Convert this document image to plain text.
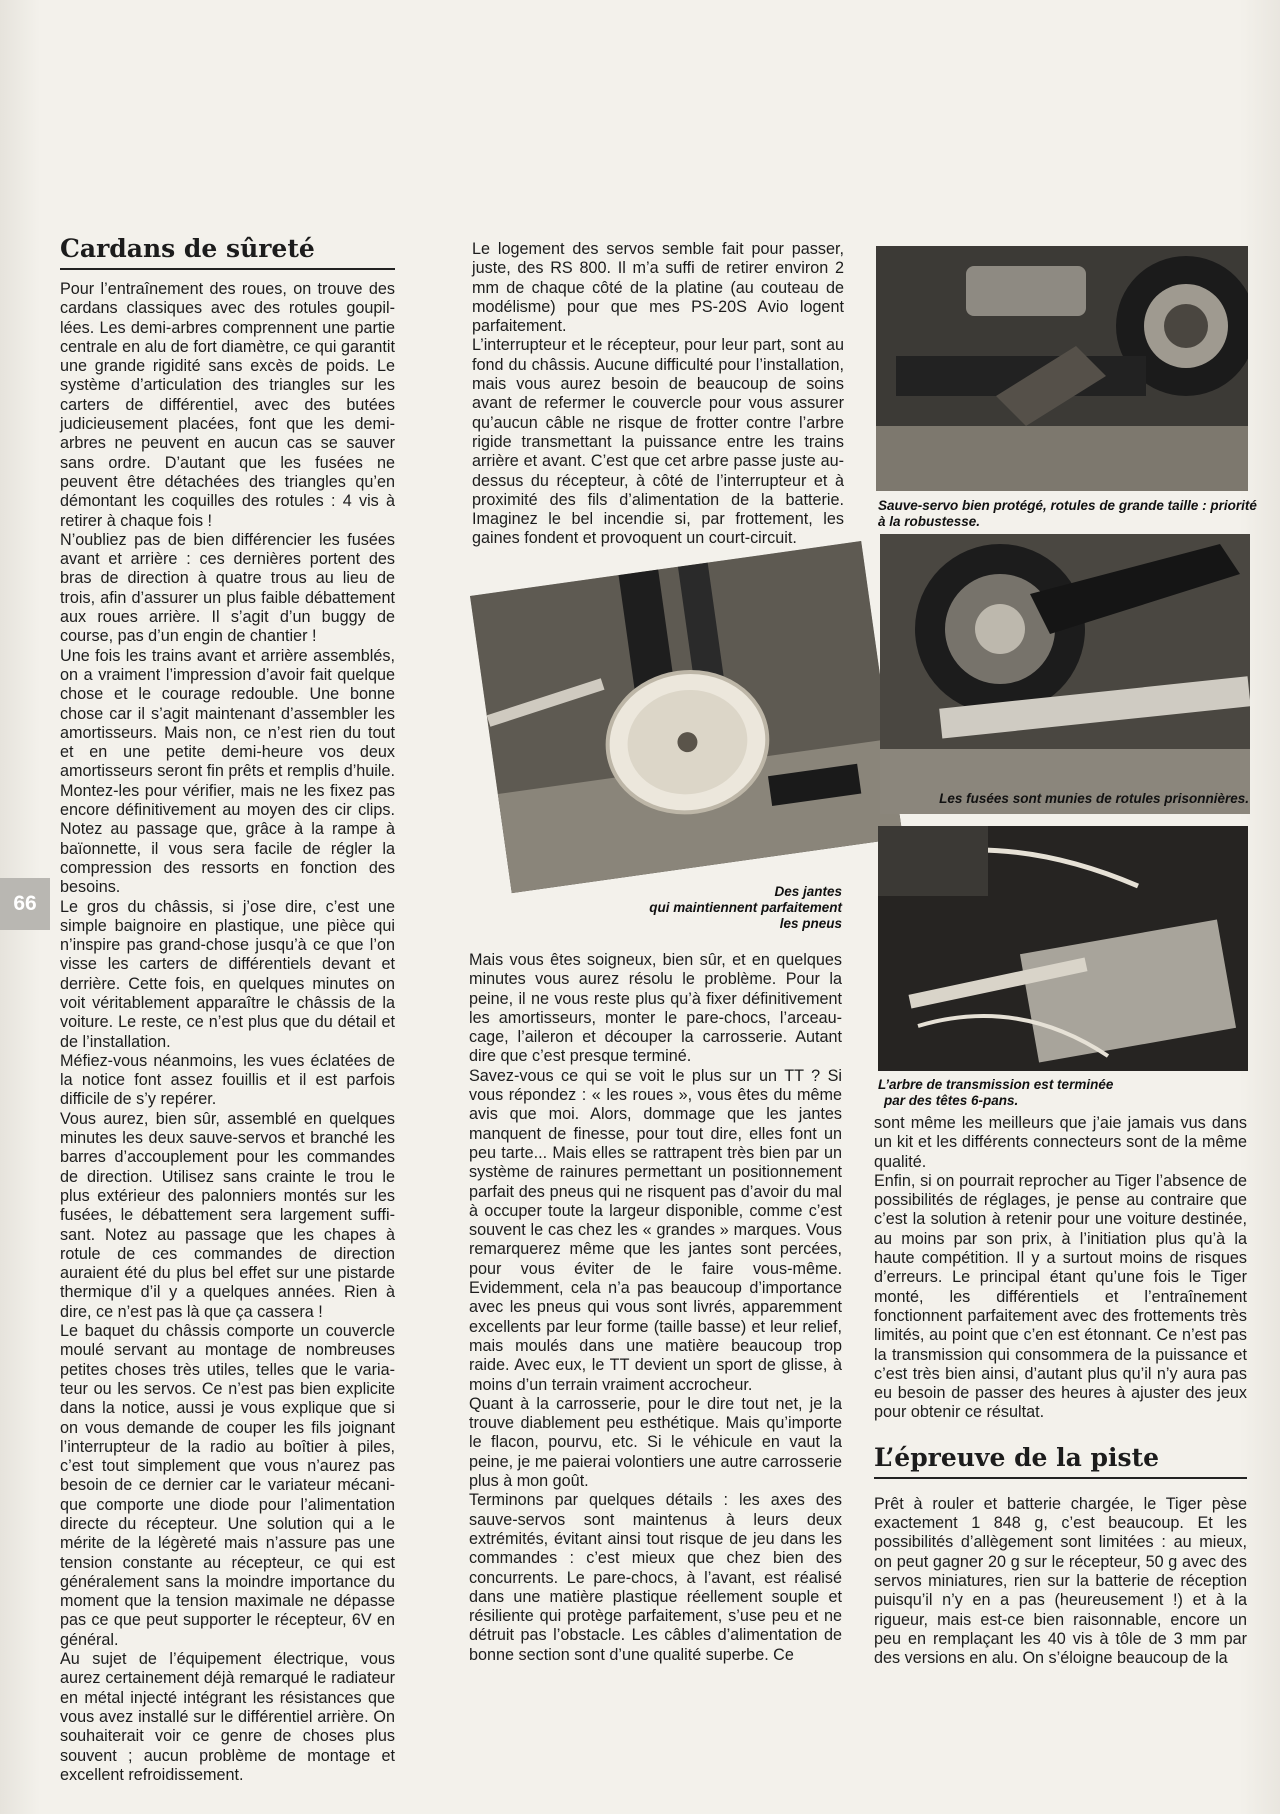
Cardans de sûreté

Pour l’entraînement des roues, on trouve des cardans classiques avec des rotules goupillées. Les demi-arbres comprennent une partie centrale en alu de fort diamètre, ce qui garantit une grande rigidité sans excès de poids. Le système d’articulation des triangles sur les carters de différentiel, avec des butées judicieusement placées, font que les demi-arbres ne peuvent en aucun cas se sauver sans ordre. D’autant que les fusées ne peuvent être détachées des triangles qu’en démontant les coquilles des rotules : 4 vis à retirer à chaque fois !

N’oubliez pas de bien différencier les fusées avant et arrière : ces dernières portent des bras de direction à quatre trous au lieu de trois, afin d’assurer un plus faible débattement aux roues arrière. Il s’agit d’un buggy de course, pas d’un engin de chantier !

Une fois les trains avant et arrière assemblés, on a vraiment l’impression d’avoir fait quelque chose et le courage redouble. Une bonne chose car il s’agit maintenant d’assembler les amortisseurs. Mais non, ce n’est rien du tout et en une petite demi-heure vos deux amortisseurs seront fin prêts et remplis d’huile. Montez-les pour vérifier, mais ne les fixez pas encore définitivement au moyen des cir clips. Notez au passage que, grâce à la rampe à baïonnette, il vous sera facile de régler la compression des ressorts en fonction des besoins.

Le gros du châssis, si j’ose dire, c’est une simple baignoire en plastique, une pièce qui n’inspire pas grand-chose jusqu’à ce que l’on visse les carters de différentiels devant et derrière. Cette fois, en quelques minutes on voit véritablement apparaître le châssis de la voiture. Le reste, ce n’est plus que du détail et de l’installation.

Méfiez-vous néanmoins, les vues éclatées de la notice font assez fouillis et il est parfois difficile de s’y repérer.

Vous aurez, bien sûr, assemblé en quelques minutes les deux sauve-servos et branché les barres d’accouplement pour les commandes de direction. Utilisez sans crainte le trou le plus extérieur des palonniers montés sur les fusées, le débattement sera largement suffisant. Notez au passage que les chapes à rotule de ces commandes de direction auraient été du plus bel effet sur une pistarde thermique d’il y a quelques années. Rien à dire, ce n’est pas là que ça cassera !

Le baquet du châssis comporte un couvercle moulé servant au montage de nombreuses petites choses très utiles, telles que le variateur ou les servos. Ce n’est pas bien explicite dans la notice, aussi je vous explique que si on vous demande de couper les fils joignant l’interrupteur de la radio au boîtier à piles, c’est tout simplement que vous n’aurez pas besoin de ce dernier car le variateur mécanique comporte une diode pour l’alimentation directe du récepteur. Une solution qui a le mérite de la légèreté mais n’assure pas une tension constante au récepteur, ce qui est généralement sans la moindre importance du moment que la tension maximale ne dépasse pas ce que peut supporter le récepteur, 6V en général.

Au sujet de l’équipement électrique, vous aurez certainement déjà remarqué le radiateur en métal injecté intégrant les résistances que vous avez installé sur le différentiel arrière. On souhaiterait voir ce genre de choses plus souvent ; aucun problème de montage et excellent refroidissement.

66

Le logement des servos semble fait pour passer, juste, des RS 800. Il m’a suffi de retirer environ 2 mm de chaque côté de la platine (au couteau de modélisme) pour que mes PS-20S Avio logent parfaitement.

L’interrupteur et le récepteur, pour leur part, sont au fond du châssis. Aucune difficulté pour l’installation, mais vous aurez besoin de beaucoup de soins avant de refermer le couvercle pour vous assurer qu’aucun câble ne risque de frotter contre l’arbre rigide transmettant la puissance entre les trains arrière et avant. C’est que cet arbre passe juste audessus du récepteur, à côté de l’interrupteur et à proximité des fils d’alimentation de la batterie. Imaginez le bel incendie si, par frottement, les gaines fondent et provoquent un court-circuit.

Des jantes
qui maintiennent parfaitement
les pneus

Mais vous êtes soigneux, bien sûr, et en quelques minutes vous aurez résolu le problème. Pour la peine, il ne vous reste plus qu’à fixer définitivement les amortisseurs, monter le pare-chocs, l’arceau-cage, l’aileron et découper la carrosserie. Autant dire que c’est presque terminé.

Savez-vous ce qui se voit le plus sur un TT ? Si vous répondez : « les roues », vous êtes du même avis que moi. Alors, dommage que les jantes manquent de finesse, pour tout dire, elles font un peu tarte... Mais elles se rattrapent très bien par un système de rainures permettant un positionnement parfait des pneus qui ne risquent pas d’avoir du mal à occuper toute la largeur disponible, comme c’est souvent le cas chez les « grandes » marques. Vous remarquerez même que les jantes sont percées, pour vous éviter de le faire vous-même. Evidemment, cela n’a pas beaucoup d’importance avec les pneus qui vous sont livrés, apparemment excellents par leur forme (taille basse) et leur relief, mais moulés dans une matière beaucoup trop raide. Avec eux, le TT devient un sport de glisse, à moins d’un terrain vraiment accrocheur.

Quant à la carrosserie, pour le dire tout net, je la trouve diablement peu esthétique. Mais qu’importe le flacon, pourvu, etc. Si le véhicule en vaut la peine, je me paierai volontiers une autre carrosserie plus à mon goût.

Terminons par quelques détails : les axes des sauve-servos sont maintenus à leurs deux extrémités, évitant ainsi tout risque de jeu dans les commandes : c’est mieux que chez bien des concurrents. Le pare-chocs, à l’avant, est réalisé dans une matière plastique réellement souple et résiliente qui protège parfaitement, s’use peu et ne détruit pas l’obstacle. Les câbles d’alimentation de bonne section sont d’une qualité superbe. Ce

Sauve-servo bien protégé, rotules de grande taille : priorité à la robustesse.
Les fusées sont munies de rotules prisonnières.
L’arbre de transmission est terminée
par des têtes 6-pans.

sont même les meilleurs que j’aie jamais vus dans un kit et les différents connecteurs sont de la même qualité.

Enfin, si on pourrait reprocher au Tiger l’absence de possibilités de réglages, je pense au contraire que c’est la solution à retenir pour une voiture destinée, au moins par son prix, à l’initiation plus qu’à la haute compétition. Il y a surtout moins de risques d’erreurs. Le principal étant qu’une fois le Tiger monté, les différentiels et l’entraînement fonctionnent parfaitement avec des frottements très limités, au point que c’en est étonnant. Ce n’est pas la transmission qui consommera de la puissance et c’est très bien ainsi, d’autant plus qu’il n’y aura pas eu besoin de passer des heures à ajuster des jeux pour obtenir ce résultat.

L’épreuve de la piste

Prêt à rouler et batterie chargée, le Tiger pèse exactement 1 848 g, c’est beaucoup. Et les possibilités d’allègement sont limitées : au mieux, on peut gagner 20 g sur le récepteur, 50 g avec des servos miniatures, rien sur la batterie de réception puisqu’il n’y en a pas (heureusement !) et à la rigueur, mais est-ce bien raisonnable, encore un peu en remplaçant les 40 vis à tôle de 3 mm par des versions en alu. On s’éloigne beaucoup de la
